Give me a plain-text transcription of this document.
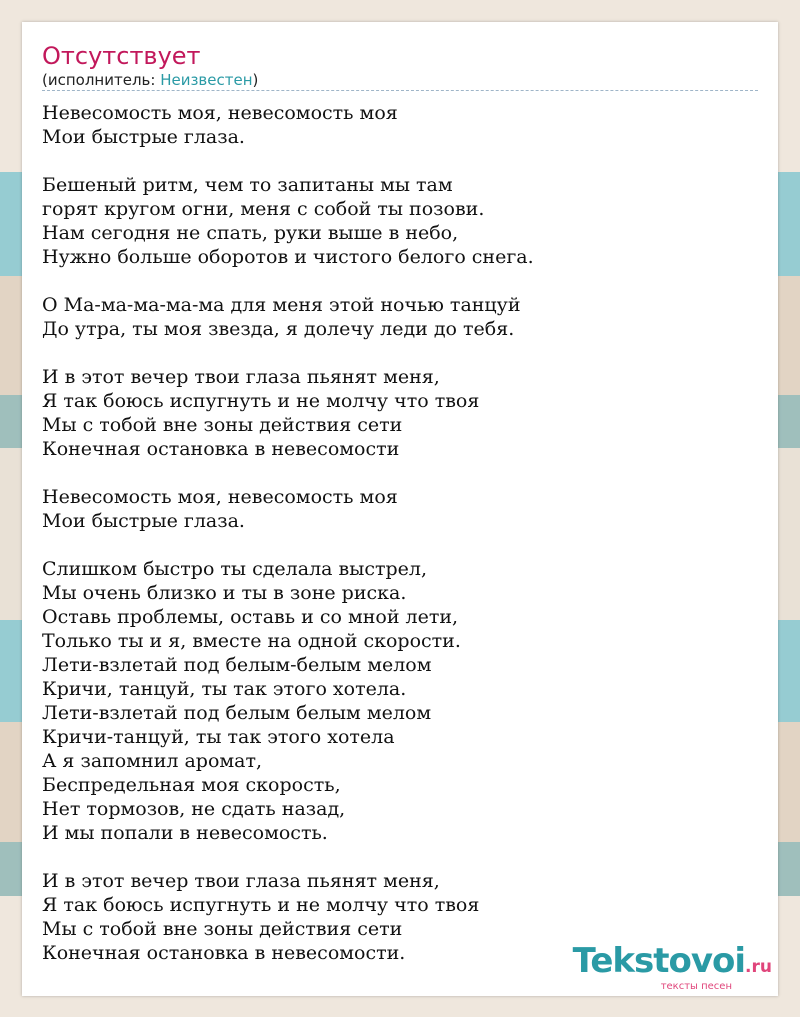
Отсутствует
(исполнитель: Неизвестен)
Невесомость моя, невесомость моя
Мои быстрые глаза.
Бешеный ритм, чем то запитаны мы там
горят кругом огни, меня с собой ты позови.
Нам сегодня не спать, руки выше в небо,
Нужно больше оборотов и чистого белого снега.
О Ма-ма-ма-ма-ма для меня этой ночью танцуй
До утра, ты моя звезда, я долечу леди до тебя.
И в этот вечер твои глаза пьянят меня,
Я так боюсь испугнуть и не молчу что твоя
Мы с тобой вне зоны действия сети
Конечная остановка в невесомости
Невесомость моя, невесомость моя
Мои быстрые глаза.
Слишком быстро ты сделала выстрел,
Мы очень близко и ты в зоне риска.
Оставь проблемы, оставь и со мной лети,
Только ты и я, вместе на одной скорости.
Лети-взлетай под белым-белым мелом
Кричи, танцуй, ты так этого хотела.
Лети-взлетай под белым белым мелом
Кричи-танцуй, ты так этого хотела
А я запомнил аромат,
Беспредельная моя скорость,
Нет тормозов, не сдать назад,
И мы попали в невесомость.
И в этот вечер твои глаза пьянят меня,
Я так боюсь испугнуть и не молчу что твоя
Мы с тобой вне зоны действия сети
Конечная остановка в невесомости.	Tekstovoi.ru
тексты песен
